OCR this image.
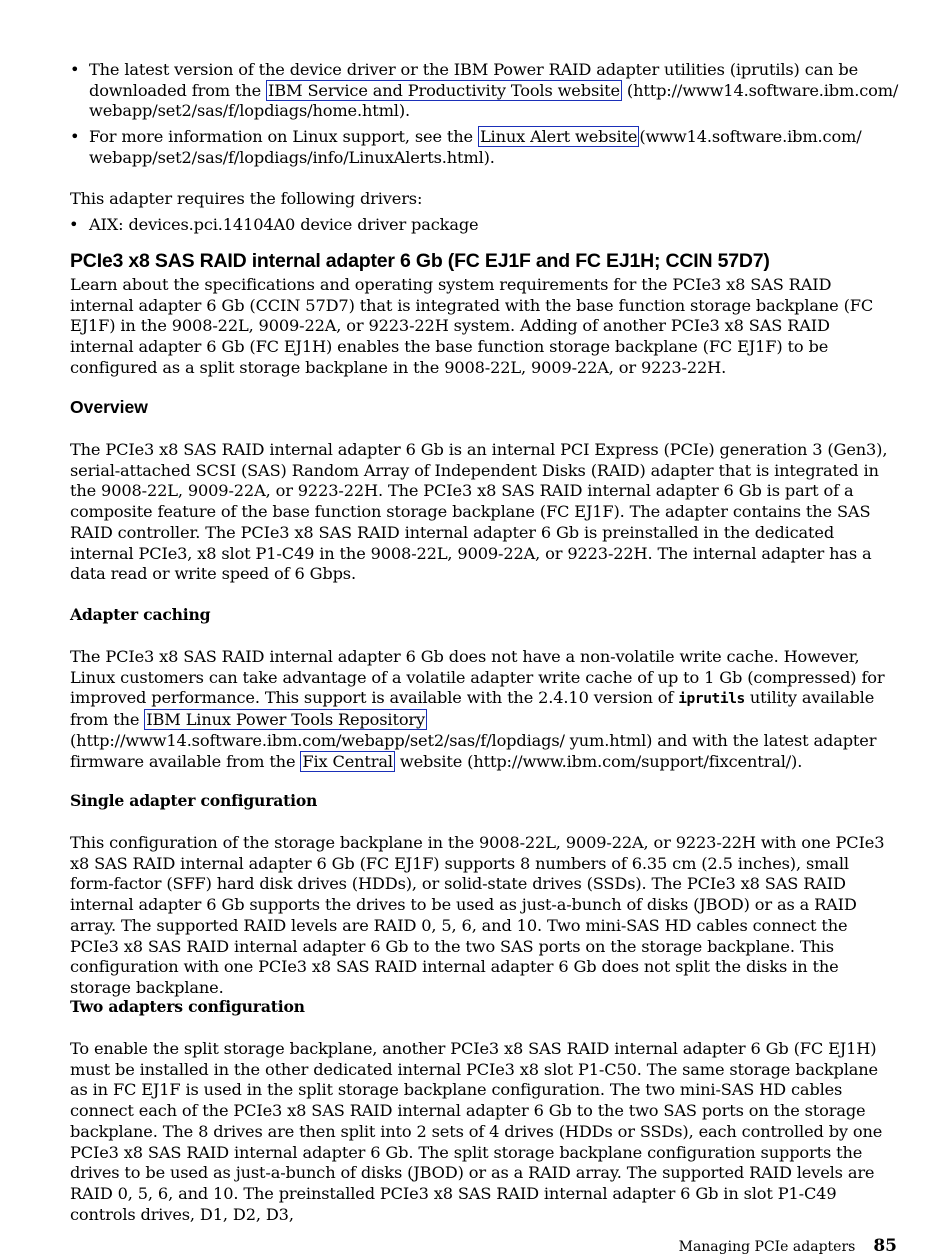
• The latest version of the device driver or the IBM Power RAID adapter utilities (iprutils) can be downloaded from the IBM Service and Productivity Tools website (http://www14.software.ibm.com/ webapp/set2/sas/f/lopdiags/home.html).
• For more information on Linux support, see the Linux Alert website (www14.software.ibm.com/ webapp/set2/sas/f/lopdiags/info/LinuxAlerts.html).

This adapter requires the following drivers:

• AIX: devices.pci.14104A0 device driver package
PCIe3 x8 SAS RAID internal adapter 6 Gb (FC EJ1F and FC EJ1H; CCIN 57D7)

Learn about the specifications and operating system requirements for the PCIe3 x8 SAS RAID internal adapter 6 Gb (CCIN 57D7) that is integrated with the base function storage backplane (FC EJ1F) in the 9008-22L, 9009-22A, or 9223-22H system. Adding of another PCIe3 x8 SAS RAID internal adapter 6 Gb (FC EJ1H) enables the base function storage backplane (FC EJ1F) to be configured as a split storage backplane in the 9008-22L, 9009-22A, or 9223-22H.

Overview

The PCIe3 x8 SAS RAID internal adapter 6 Gb is an internal PCI Express (PCIe) generation 3 (Gen3), serial-attached SCSI (SAS) Random Array of Independent Disks (RAID) adapter that is integrated in the 9008-22L, 9009-22A, or 9223-22H. The PCIe3 x8 SAS RAID internal adapter 6 Gb is part of a composite feature of the base function storage backplane (FC EJ1F). The adapter contains the SAS RAID controller. The PCIe3 x8 SAS RAID internal adapter 6 Gb is preinstalled in the dedicated internal PCIe3, x8 slot P1-C49 in the 9008-22L, 9009-22A, or 9223-22H. The internal adapter has a data read or write speed of 6 Gbps.

Adapter caching

The PCIe3 x8 SAS RAID internal adapter 6 Gb does not have a non-volatile write cache. However, Linux customers can take advantage of a volatile adapter write cache of up to 1 Gb (compressed) for improved performance. This support is available with the 2.4.10 version of iprutils utility available from the IBM Linux Power Tools Repository (http://www14.software.ibm.com/webapp/set2/sas/f/lopdiags/ yum.html) and with the latest adapter firmware available from the Fix Central website (http://www.ibm.com/support/fixcentral/).

Single adapter configuration

This configuration of the storage backplane in the 9008-22L, 9009-22A, or 9223-22H with one PCIe3 x8 SAS RAID internal adapter 6 Gb (FC EJ1F) supports 8 numbers of 6.35 cm (2.5 inches), small form-factor (SFF) hard disk drives (HDDs), or solid-state drives (SSDs). The PCIe3 x8 SAS RAID internal adapter 6 Gb supports the drives to be used as just-a-bunch of disks (JBOD) or as a RAID array. The supported RAID levels are RAID 0, 5, 6, and 10. Two mini-SAS HD cables connect the PCIe3 x8 SAS RAID internal adapter 6 Gb to the two SAS ports on the storage backplane. This configuration with one PCIe3 x8 SAS RAID internal adapter 6 Gb does not split the disks in the storage backplane.

Two adapters configuration

To enable the split storage backplane, another PCIe3 x8 SAS RAID internal adapter 6 Gb (FC EJ1H) must be installed in the other dedicated internal PCIe3 x8 slot P1-C50. The same storage backplane as in FC EJ1F is used in the split storage backplane configuration. The two mini-SAS HD cables connect each of the PCIe3 x8 SAS RAID internal adapter 6 Gb to the two SAS ports on the storage backplane. The 8 drives are then split into 2 sets of 4 drives (HDDs or SSDs), each controlled by one PCIe3 x8 SAS RAID internal adapter 6 Gb. The split storage backplane configuration supports the drives to be used as just-a-bunch of disks (JBOD) or as a RAID array. The supported RAID levels are RAID 0, 5, 6, and 10. The preinstalled PCIe3 x8 SAS RAID internal adapter 6 Gb in slot P1-C49 controls drives, D1, D2, D3,

Managing PCIe adapters 85
